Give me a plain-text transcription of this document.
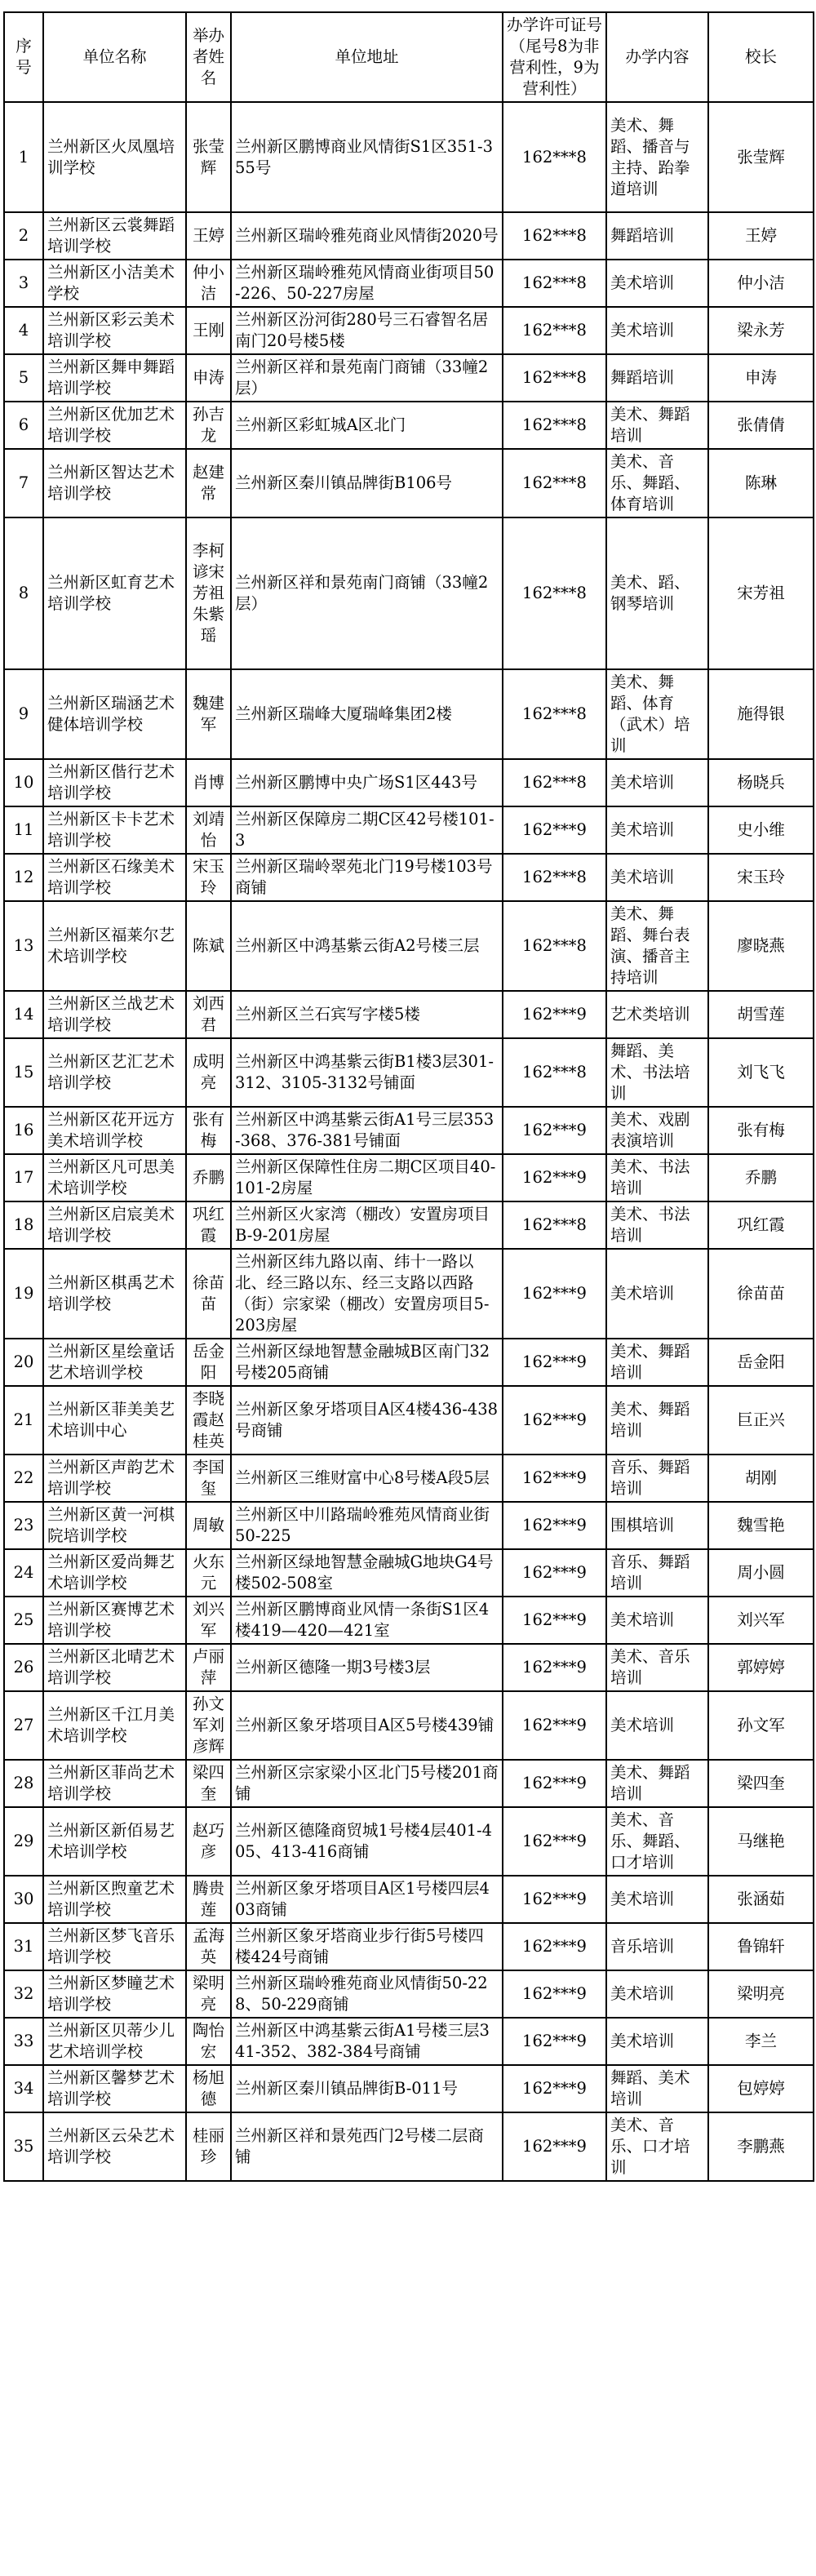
序号	单位名称	举办者姓名	单位地址	办学许可证号（尾号8为非营利性，9为营利性）	办学内容	校长
1	兰州新区火凤凰培训学校	张莹辉	兰州新区鹏博商业风情街S1区351-355号	162***8	美术、舞蹈、播音与主持、跆拳道培训	张莹辉
2	兰州新区云裳舞蹈培训学校	王婷	兰州新区瑞岭雅苑商业风情街2020号	162***8	舞蹈培训	王婷
3	兰州新区小洁美术学校	仲小洁	兰州新区瑞岭雅苑风情商业街项目50-226、50-227房屋	162***8	美术培训	仲小洁
4	兰州新区彩云美术培训学校	王刚	兰州新区汾河街280号三石睿智名居南门20号楼5楼	162***8	美术培训	梁永芳
5	兰州新区舞申舞蹈培训学校	申涛	兰州新区祥和景苑南门商铺（33幢2层）	162***8	舞蹈培训	申涛
6	兰州新区优加艺术培训学校	孙吉龙	兰州新区彩虹城A区北门	162***8	美术、舞蹈培训	张倩倩
7	兰州新区智达艺术培训学校	赵建常	兰州新区秦川镇品牌街B106号	162***8	美术、音乐、舞蹈、体育培训	陈琳
8	兰州新区虹育艺术培训学校	李柯谚宋芳祖朱紫瑶	兰州新区祥和景苑南门商铺（33幢2层）	162***8	美术、蹈、钢琴培训	宋芳祖
9	兰州新区瑞涵艺术健体培训学校	魏建军	兰州新区瑞峰大厦瑞峰集团2楼	162***8	美术、舞蹈、体育（武术）培训	施得银
10	兰州新区偕行艺术培训学校	肖博	兰州新区鹏博中央广场S1区443号	162***8	美术培训	杨晓兵
11	兰州新区卡卡艺术培训学校	刘靖怡	兰州新区保障房二期C区42号楼101-3	162***9	美术培训	史小维
12	兰州新区石缘美术培训学校	宋玉玲	兰州新区瑞岭翠苑北门19号楼103号商铺	162***8	美术培训	宋玉玲
13	兰州新区福莱尔艺术培训学校	陈斌	兰州新区中鸿基紫云街A2号楼三层	162***8	美术、舞蹈、舞台表演、播音主持培训	廖晓燕
14	兰州新区兰战艺术培训学校	刘西君	兰州新区兰石宾写字楼5楼	162***9	艺术类培训	胡雪莲
15	兰州新区艺汇艺术培训学校	成明亮	兰州新区中鸿基紫云街B1楼3层301-312、3105-3132号铺面	162***8	舞蹈、美术、书法培训	刘飞飞
16	兰州新区花开远方美术培训学校	张有梅	兰州新区中鸿基紫云街A1号三层353-368、376-381号铺面	162***9	美术、戏剧表演培训	张有梅
17	兰州新区凡可思美术培训学校	乔鹏	兰州新区保障性住房二期C区项目40-101-2房屋	162***9	美术、书法培训	乔鹏
18	兰州新区启宸美术培训学校	巩红霞	兰州新区火家湾（棚改）安置房项目B-9-201房屋	162***8	美术、书法培训	巩红霞
19	兰州新区棋禹艺术培训学校	徐苗苗	兰州新区纬九路以南、纬十一路以北、经三路以东、经三支路以西路（街）宗家梁（棚改）安置房项目5-203房屋	162***9	美术培训	徐苗苗
20	兰州新区星绘童话艺术培训学校	岳金阳	兰州新区绿地智慧金融城B区南门32号楼205商铺	162***9	美术、舞蹈培训	岳金阳
21	兰州新区菲美美艺术培训中心	李晓霞赵桂英	兰州新区象牙塔项目A区4楼436-438号商铺	162***9	美术、舞蹈培训	巨正兴
22	兰州新区声韵艺术培训学校	李国玺	兰州新区三维财富中心8号楼A段5层	162***9	音乐、舞蹈培训	胡刚
23	兰州新区黄一河棋院培训学校	周敏	兰州新区中川路瑞岭雅苑风情商业街50-225	162***9	围棋培训	魏雪艳
24	兰州新区爱尚舞艺术培训学校	火东元	兰州新区绿地智慧金融城G地块G4号楼502-508室	162***9	音乐、舞蹈培训	周小圆
25	兰州新区赛博艺术培训学校	刘兴军	兰州新区鹏博商业风情一条街S1区4楼419—420—421室	162***9	美术培训	刘兴军
26	兰州新区北晴艺术培训学校	卢丽萍	兰州新区德隆一期3号楼3层	162***9	美术、音乐培训	郭婷婷
27	兰州新区千江月美术培训学校	孙文军刘彦辉	兰州新区象牙塔项目A区5号楼439铺	162***9	美术培训	孙文军
28	兰州新区菲尚艺术培训学校	梁四奎	兰州新区宗家梁小区北门5号楼201商铺	162***9	美术、舞蹈培训	梁四奎
29	兰州新区新佰易艺术培训学校	赵巧彦	兰州新区德隆商贸城1号楼4层401-405、413-416商铺	162***9	美术、音乐、舞蹈、口才培训	马继艳
30	兰州新区煦童艺术培训学校	腾贵莲	兰州新区象牙塔项目A区1号楼四层403商铺	162***9	美术培训	张涵茹
31	兰州新区梦飞音乐培训学校	孟海英	兰州新区象牙塔商业步行街5号楼四楼424号商铺	162***9	音乐培训	鲁锦轩
32	兰州新区梦瞳艺术培训学校	梁明亮	兰州新区瑞岭雅苑商业风情街50-228、50-229商铺	162***9	美术培训	梁明亮
33	兰州新区贝蒂少儿艺术培训学校	陶怡宏	兰州新区中鸿基紫云街A1号楼三层341-352、382-384号商铺	162***9	美术培训	李兰
34	兰州新区馨梦艺术培训学校	杨旭德	兰州新区秦川镇品牌街B-011号	162***9	舞蹈、美术培训	包婷婷
35	兰州新区云朵艺术培训学校	桂丽珍	兰州新区祥和景苑西门2号楼二层商铺	162***9	美术、音乐、口才培训	李鹏燕
